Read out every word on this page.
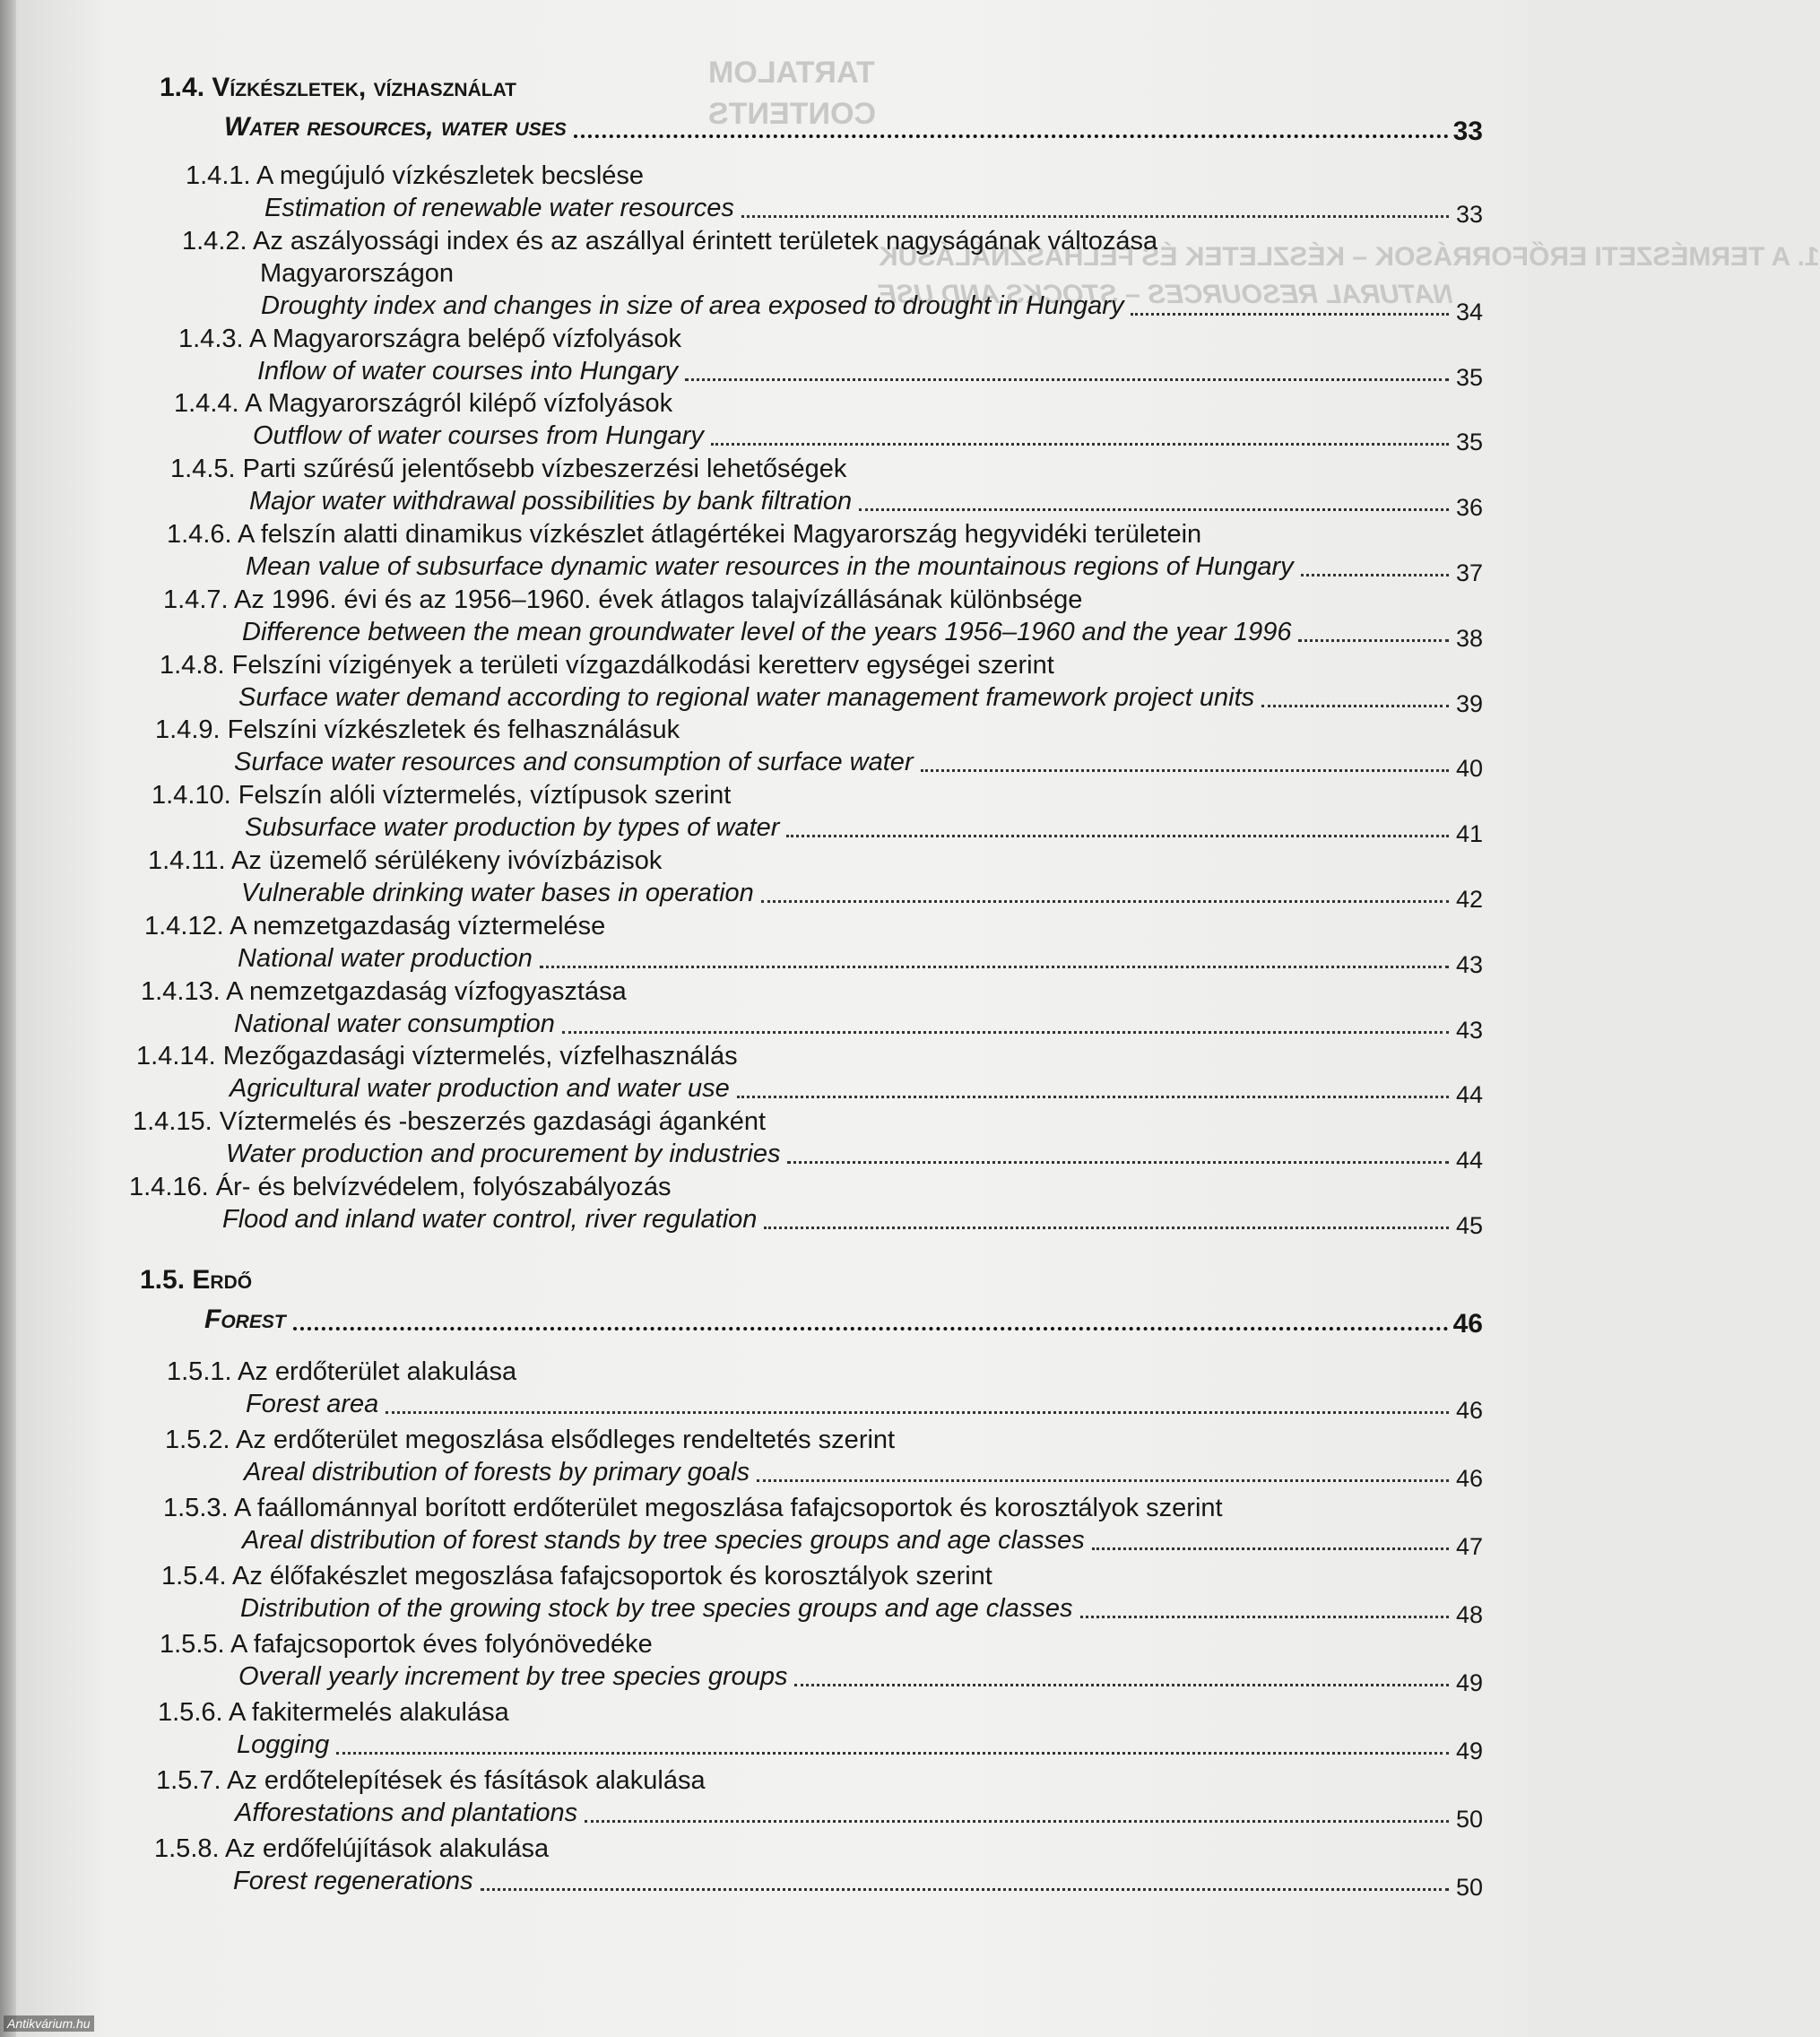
TARTALOM
CONTENTS
1. A TERMÉSZETI ERŐFORRÁSOK – KÉSZLETEK ÉS FELHASZNÁLÁSUK
NATURAL RESOURCES – STOCKS AND USE
1.4. Vízkészletek, vízhasználat
Water resources, water uses	33
1.4.1. A megújuló vízkészletek becslése
Estimation of renewable water resources	33
1.4.2. Az aszályossági index és az aszállyal érintett területek nagyságának változása
Magyarországon
Droughty index and changes in size of area exposed to drought in Hungary	34
1.4.3. A Magyarországra belépő vízfolyások
Inflow of water courses into Hungary	35
1.4.4. A Magyarországról kilépő vízfolyások
Outflow of water courses from Hungary	35
1.4.5. Parti szűrésű jelentősebb vízbeszerzési lehetőségek
Major water withdrawal possibilities by bank filtration	36
1.4.6. A felszín alatti dinamikus vízkészlet átlagértékei Magyarország hegyvidéki területein
Mean value of subsurface dynamic water resources in the mountainous regions of Hungary	37
1.4.7. Az 1996. évi és az 1956–1960. évek átlagos talajvízállásának különbsége
Difference between the mean groundwater level of the years 1956–1960 and the year 1996	38
1.4.8. Felszíni vízigények a területi vízgazdálkodási keretterv egységei szerint
Surface water demand according to regional water management framework project units	39
1.4.9. Felszíni vízkészletek és felhasználásuk
Surface water resources and consumption of surface water	40
1.4.10. Felszín alóli víztermelés, víztípusok szerint
Subsurface water production by types of water	41
1.4.11. Az üzemelő sérülékeny ivóvízbázisok
Vulnerable drinking water bases in operation	42
1.4.12. A nemzetgazdaság víztermelése
National water production	43
1.4.13. A nemzetgazdaság vízfogyasztása
National water consumption	43
1.4.14. Mezőgazdasági víztermelés, vízfelhasználás
Agricultural water production and water use	44
1.4.15. Víztermelés és -beszerzés gazdasági áganként
Water production and procurement by industries	44
1.4.16. Ár- és belvízvédelem, folyószabályozás
Flood and inland water control, river regulation	45
1.5. Erdő
Forest	46
1.5.1. Az erdőterület alakulása
Forest area	46
1.5.2. Az erdőterület megoszlása elsődleges rendeltetés szerint
Areal distribution of forests by primary goals	46
1.5.3. A faállománnyal borított erdőterület megoszlása fafajcsoportok és korosztályok szerint
Areal distribution of forest stands by tree species groups and age classes	47
1.5.4. Az élőfakészlet megoszlása fafajcsoportok és korosztályok szerint
Distribution of the growing stock by tree species groups and age classes	48
1.5.5. A fafajcsoportok éves folyónövedéke
Overall yearly increment by tree species groups	49
1.5.6. A fakitermelés alakulása
Logging	49
1.5.7. Az erdőtelepítések és fásítások alakulása
Afforestations and plantations	50
1.5.8. Az erdőfelújítások alakulása
Forest regenerations	50
Antikvárium.hu
